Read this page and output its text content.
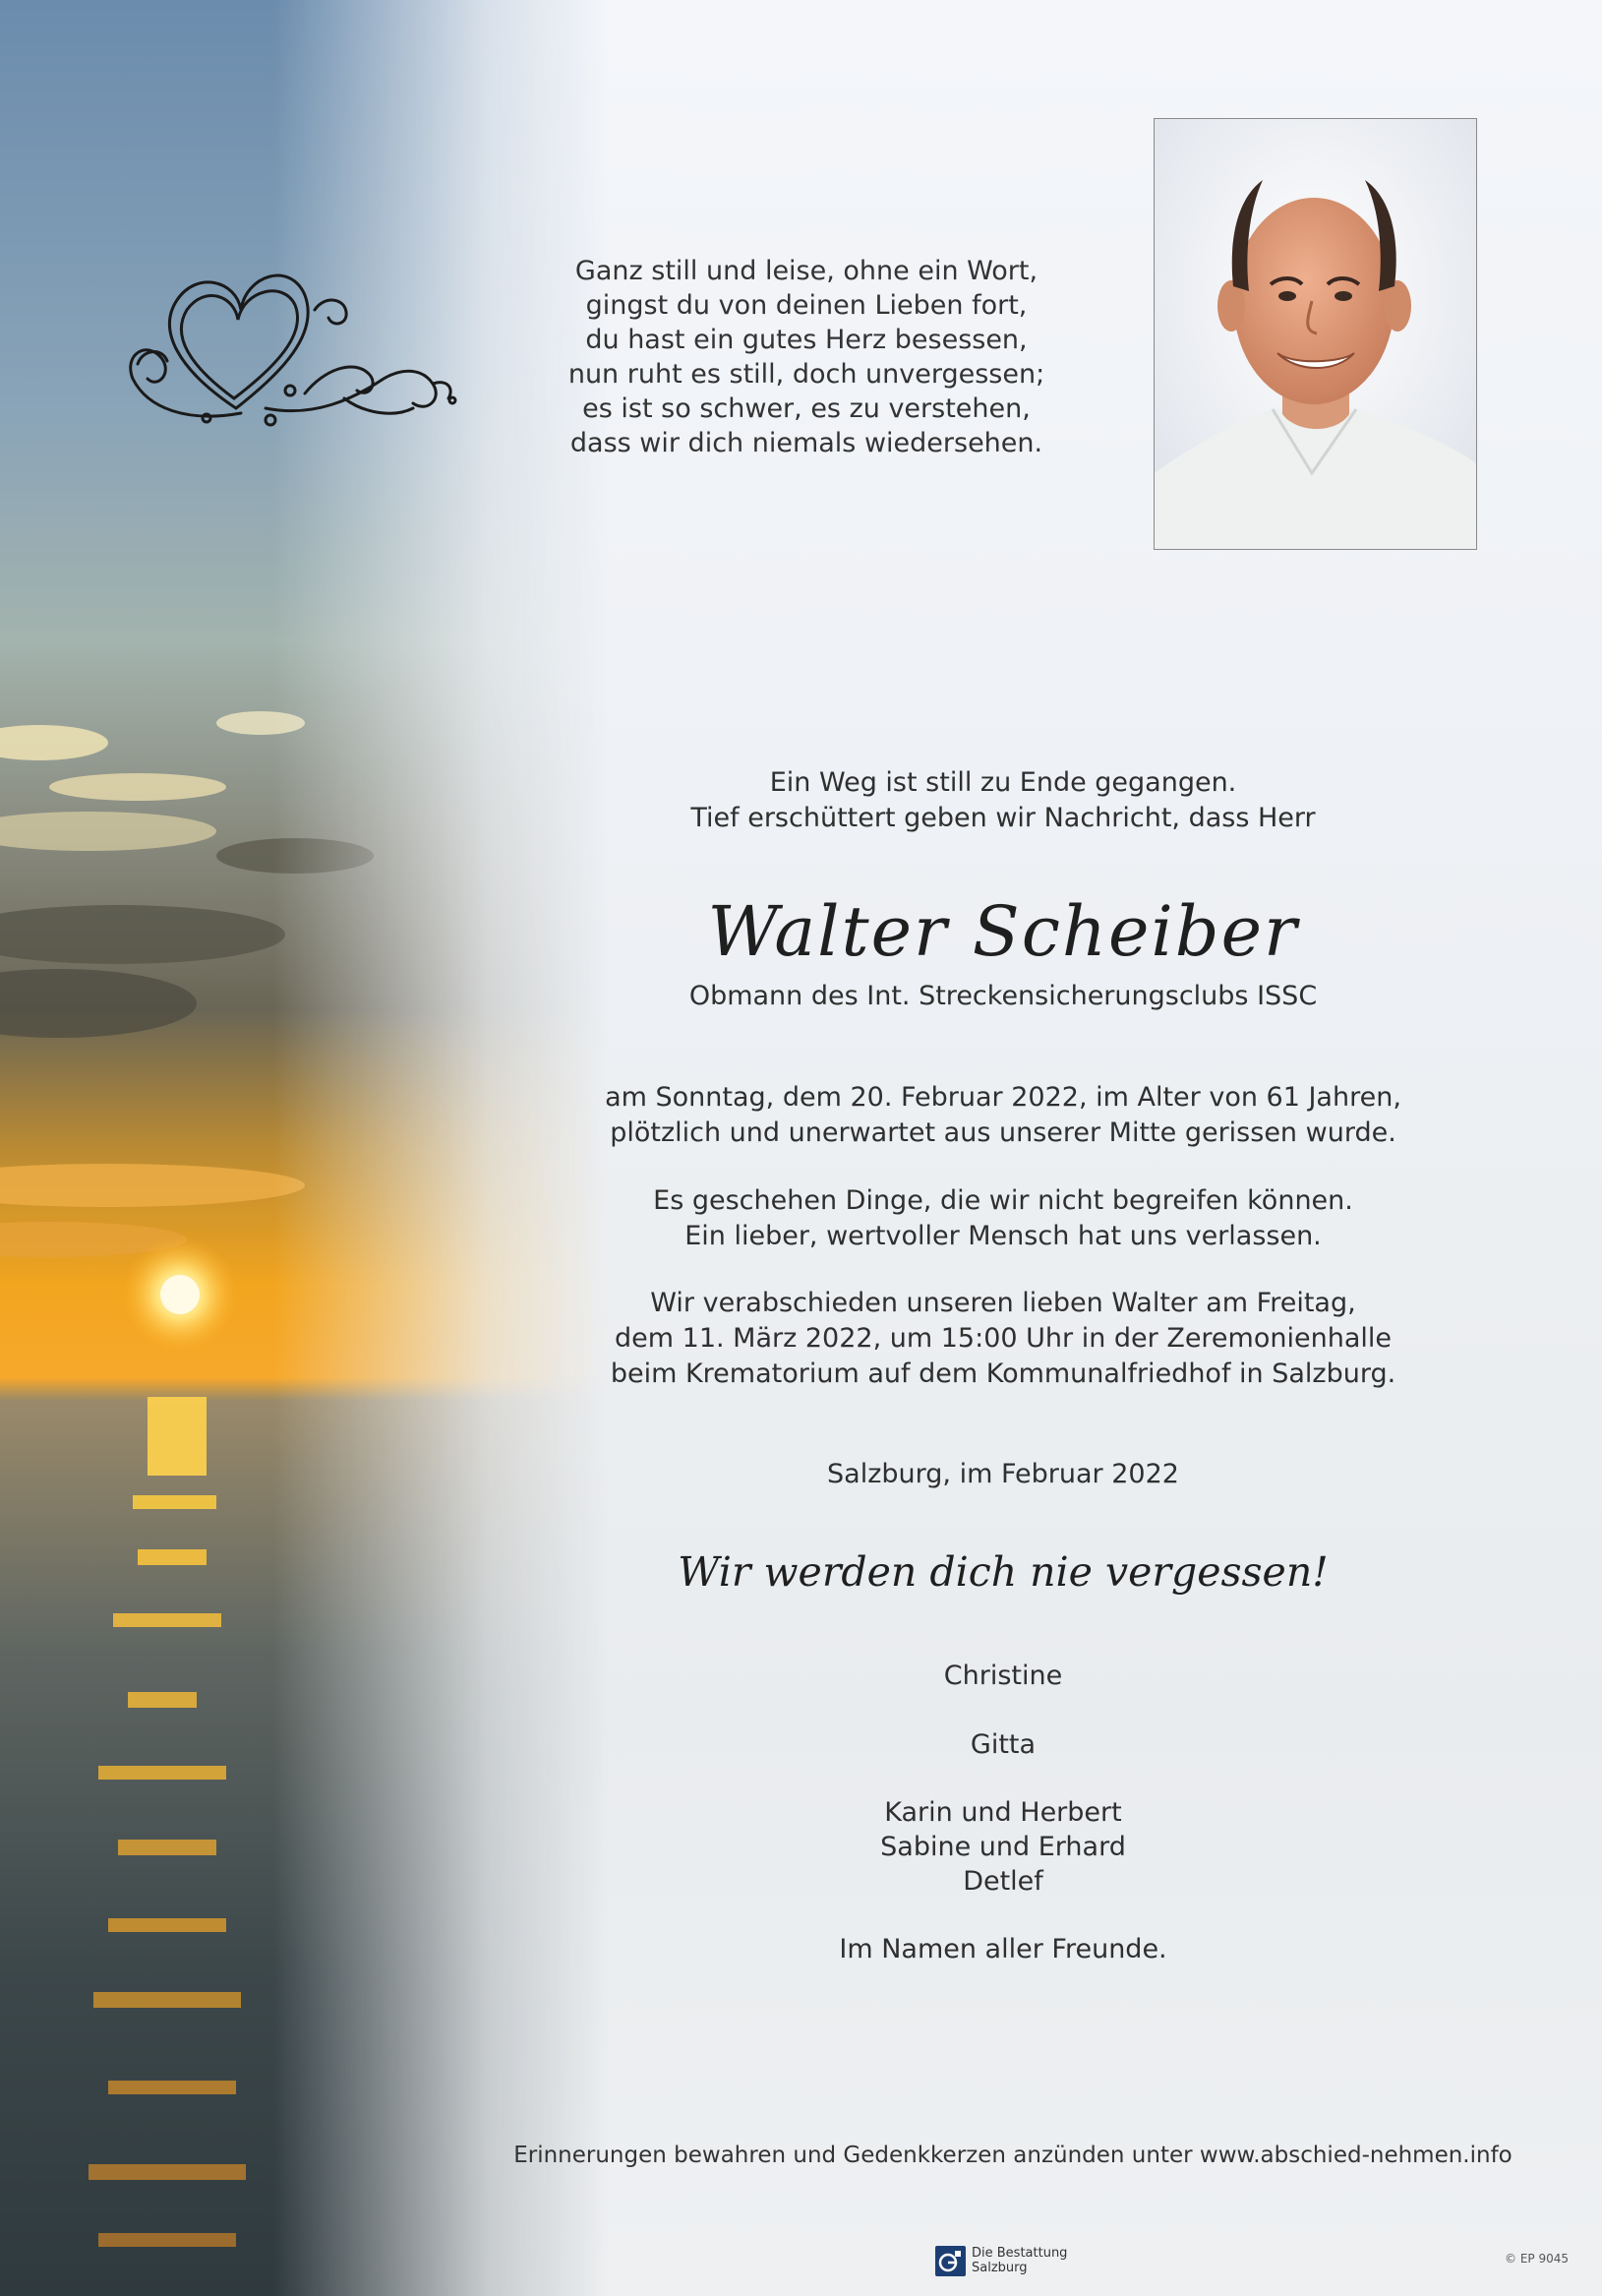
Ganz still und leise, ohne ein Wort,
gingst du von deinen Lieben fort,
du hast ein gutes Herz besessen,
nun ruht es still, doch unvergessen;
es ist so schwer, es zu verstehen,
dass wir dich niemals wiedersehen.
Ein Weg ist still zu Ende gegangen.
Tief erschüttert geben wir Nachricht, dass Herr
Walter Scheiber
Obmann des Int. Streckensicherungsclubs ISSC
am Sonntag, dem 20. Februar 2022, im Alter von 61 Jahren,
plötzlich und unerwartet aus unserer Mitte gerissen wurde.
Es geschehen Dinge, die wir nicht begreifen können.
Ein lieber, wertvoller Mensch hat uns verlassen.
Wir verabschieden unseren lieben Walter am Freitag,
dem 11. März 2022, um 15:00 Uhr in der Zeremonienhalle
beim Krematorium auf dem Kommunalfriedhof in Salzburg.
Salzburg, im Februar 2022
Wir werden dich nie vergessen!
Christine
Gitta
Karin und Herbert
Sabine und Erhard
Detlef
Im Namen aller Freunde.
Erinnerungen bewahren und Gedenkkerzen anzünden unter www.abschied-nehmen.info
Die Bestattung
Salzburg
© EP 9045
